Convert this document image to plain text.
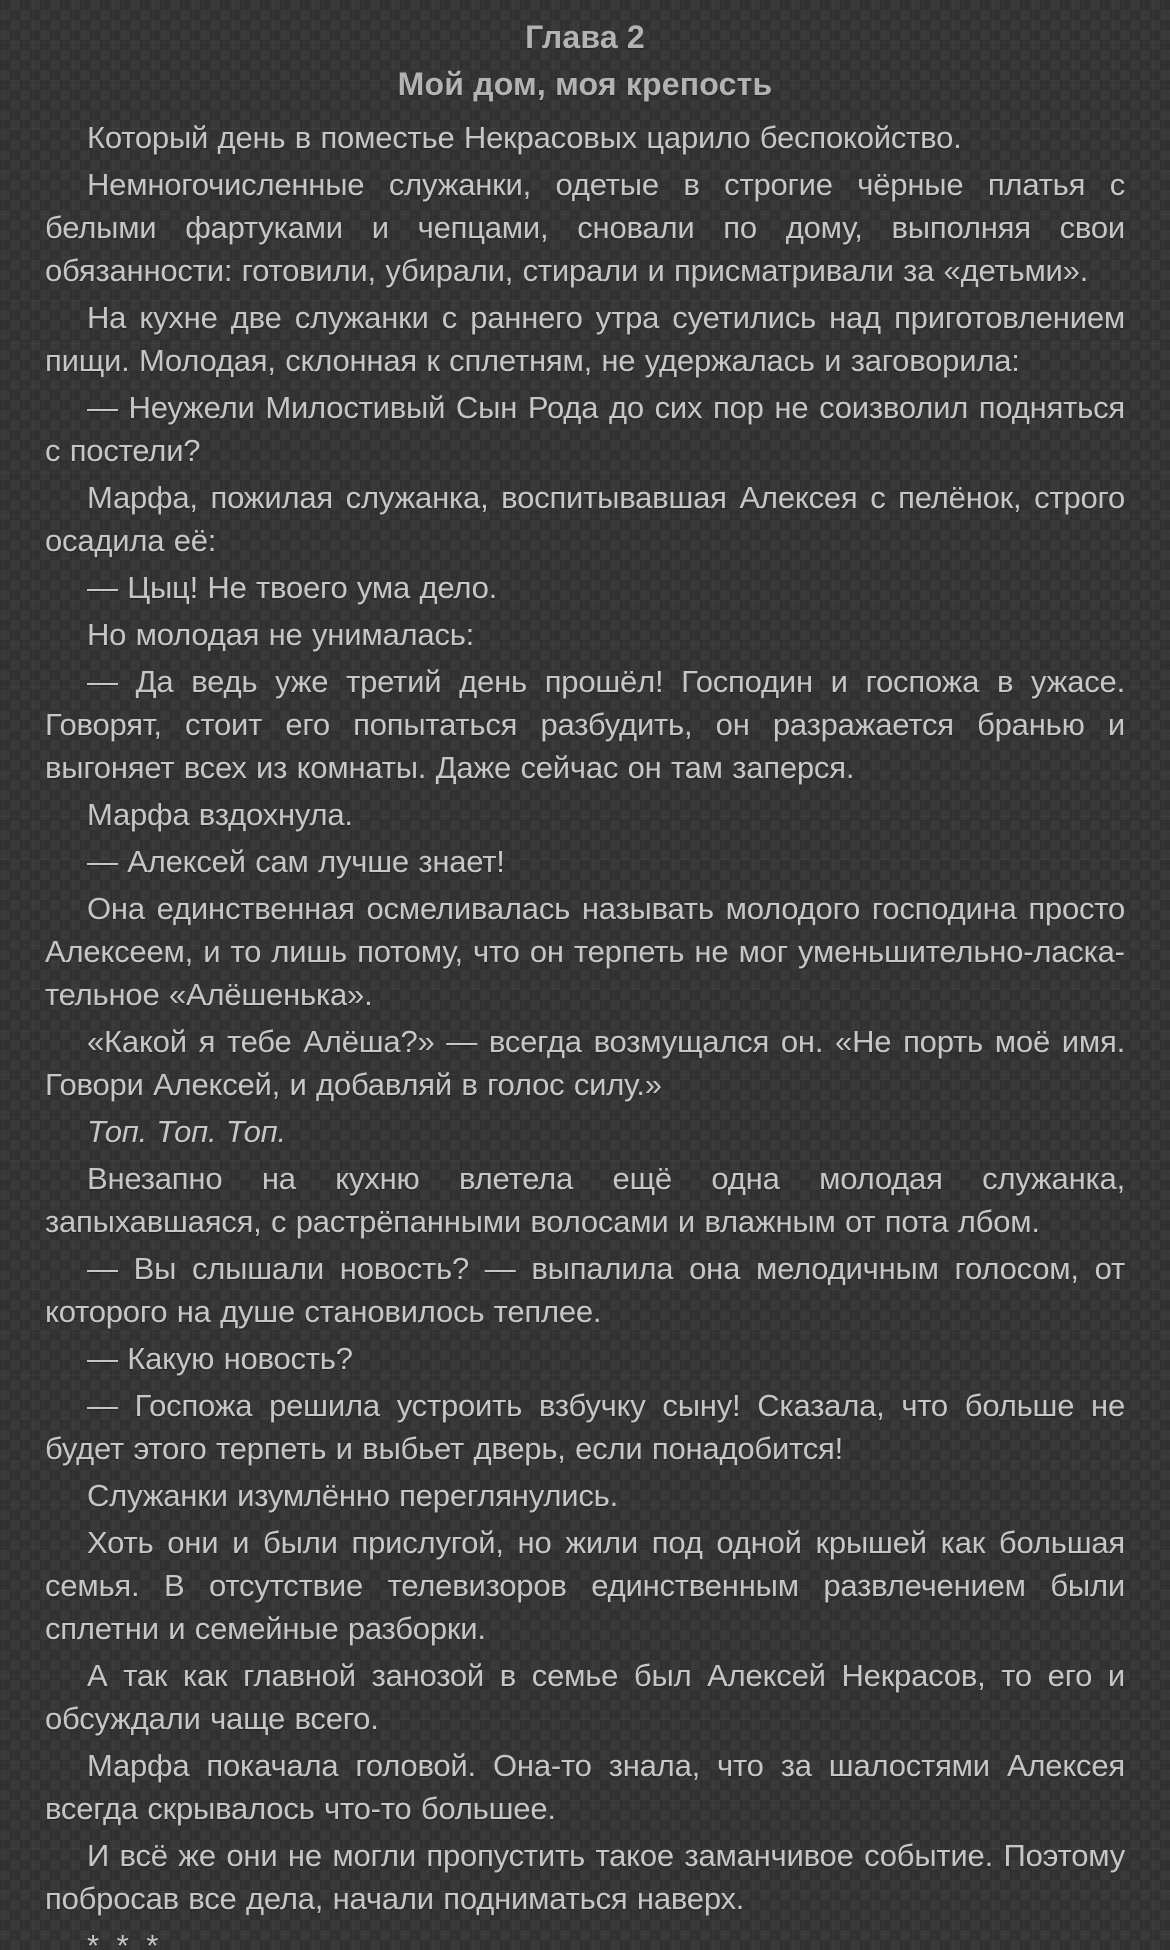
Глава 2
Мой дом, моя крепость

Который день в поместье Некрасовых царило беспокойство.

Немногочисленные служанки, одетые в строгие чёрные платья с белыми фартуками и чепцами, сновали по дому, выполняя свои обязанности: готовили, убирали, стирали и присматривали за «детьми».

На кухне две служанки с раннего утра суетились над приготовлением пищи. Молодая, склонная к сплетням, не удержалась и заговорила:

— Неужели Милостивый Сын Рода до сих пор не соизволил подняться с постели?

Марфа, пожилая служанка, воспитывавшая Алексея с пелёнок, строго осадила её:

— Цыц! Не твоего ума дело.

Но молодая не унималась:

— Да ведь уже третий день прошёл! Господин и госпожа в ужасе. Говорят, стоит его попытаться разбудить, он разражается бранью и выгоняет всех из комнаты. Даже сейчас он там заперся.

Марфа вздохнула.

— Алексей сам лучше знает!

Она единственная осмеливалась называть молодого господина просто Алексеем, и то лишь потому, что он терпеть не мог уменьшительно-ласкательное «Алёшенька».

«Какой я тебе Алёша?» — всегда возмущался он. «Не порть моё имя. Говори Алексей, и добавляй в голос силу.»

Топ. Топ. Топ.

Внезапно на кухню влетела ещё одна молодая служанка, запыхавшаяся, с растрёпанными волосами и влажным от пота лбом.

— Вы слышали новость? — выпалила она мелодичным голосом, от которого на душе становилось теплее.

— Какую новость?

— Госпожа решила устроить взбучку сыну! Сказала, что больше не будет этого терпеть и выбьет дверь, если понадобится!

Служанки изумлённо переглянулись.

Хоть они и были прислугой, но жили под одной крышей как большая семья. В отсутствие телевизоров единственным развлечением были сплетни и семейные разборки.

А так как главной занозой в семье был Алексей Некрасов, то его и обсуждали чаще всего.

Марфа покачала головой. Она-то знала, что за шалостями Алексея всегда скрывалось что-то большее.

И всё же они не могли пропустить такое заманчивое событие. Поэтому побросав все дела, начали подниматься наверх.

* * *
